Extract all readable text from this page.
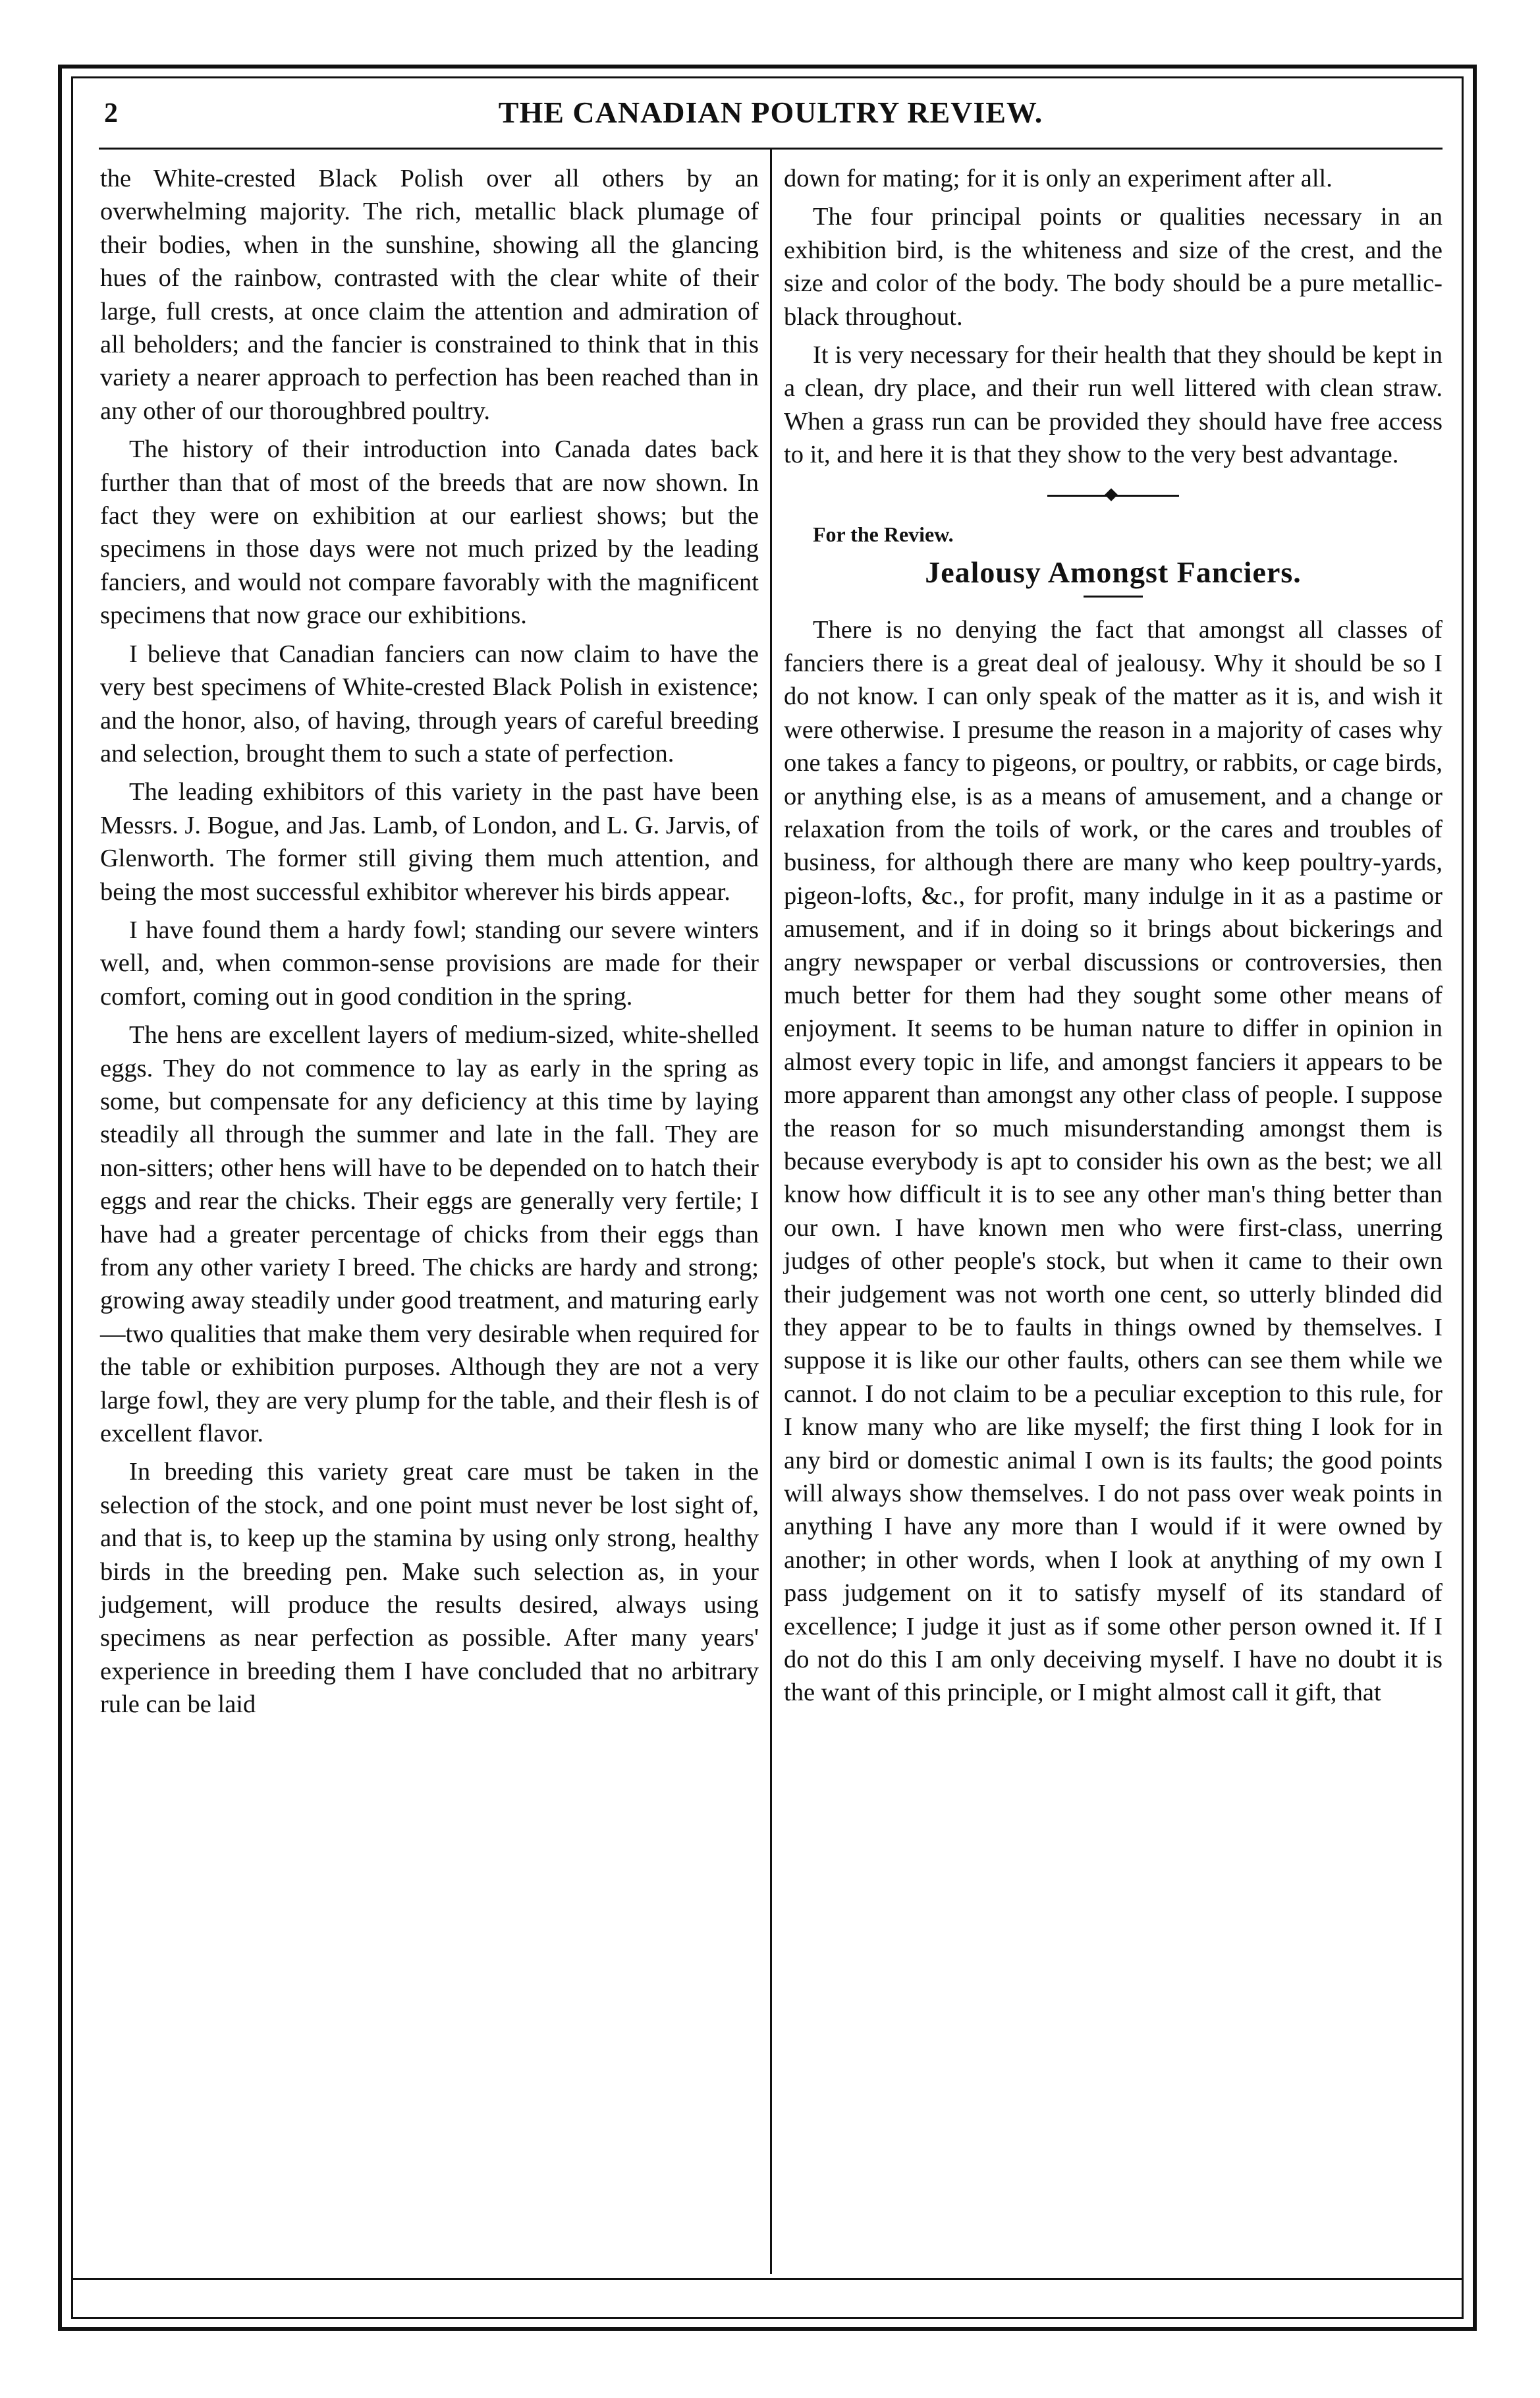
2	THE CANADIAN POULTRY REVIEW.

the White-crested Black Polish over all others by an overwhelming majority. The rich, metallic black plumage of their bodies, when in the sunshine, showing all the glancing hues of the rainbow, contrasted with the clear white of their large, full crests, at once claim the attention and admiration of all beholders; and the fancier is constrained to think that in this variety a nearer approach to perfection has been reached than in any other of our thoroughbred poultry.

The history of their introduction into Canada dates back further than that of most of the breeds that are now shown. In fact they were on exhibition at our earliest shows; but the specimens in those days were not much prized by the leading fanciers, and would not compare favorably with the magnificent specimens that now grace our exhibitions.

I believe that Canadian fanciers can now claim to have the very best specimens of White-crested Black Polish in existence; and the honor, also, of having, through years of careful breeding and selection, brought them to such a state of perfection.

The leading exhibitors of this variety in the past have been Messrs. J. Bogue, and Jas. Lamb, of London, and L. G. Jarvis, of Glenworth. The former still giving them much attention, and being the most successful exhibitor wherever his birds appear.

I have found them a hardy fowl; standing our severe winters well, and, when common-sense provisions are made for their comfort, coming out in good condition in the spring.

The hens are excellent layers of medium-sized, white-shelled eggs. They do not commence to lay as early in the spring as some, but compensate for any deficiency at this time by laying steadily all through the summer and late in the fall. They are non-sitters; other hens will have to be depended on to hatch their eggs and rear the chicks. Their eggs are generally very fertile; I have had a greater percentage of chicks from their eggs than from any other variety I breed. The chicks are hardy and strong; growing away steadily under good treatment, and maturing early—two qualities that make them very desirable when required for the table or exhibition purposes. Although they are not a very large fowl, they are very plump for the table, and their flesh is of excellent flavor.

In breeding this variety great care must be taken in the selection of the stock, and one point must never be lost sight of, and that is, to keep up the stamina by using only strong, healthy birds in the breeding pen. Make such selection as, in your judgement, will produce the results desired, always using specimens as near perfection as possible. After many years' experience in breeding them I have concluded that no arbitrary rule can be laid

down for mating; for it is only an experiment after all.

The four principal points or qualities necessary in an exhibition bird, is the whiteness and size of the crest, and the size and color of the body. The body should be a pure metallic-black throughout.

It is very necessary for their health that they should be kept in a clean, dry place, and their run well littered with clean straw. When a grass run can be provided they should have free access to it, and here it is that they show to the very best advantage.

For the Review.

Jealousy Amongst Fanciers.

There is no denying the fact that amongst all classes of fanciers there is a great deal of jealousy. Why it should be so I do not know. I can only speak of the matter as it is, and wish it were otherwise. I presume the reason in a majority of cases why one takes a fancy to pigeons, or poultry, or rabbits, or cage birds, or anything else, is as a means of amusement, and a change or relaxation from the toils of work, or the cares and troubles of business, for although there are many who keep poultry-yards, pigeon-lofts, &c., for profit, many indulge in it as a pastime or amusement, and if in doing so it brings about bickerings and angry newspaper or verbal discussions or controversies, then much better for them had they sought some other means of enjoyment. It seems to be human nature to differ in opinion in almost every topic in life, and amongst fanciers it appears to be more apparent than amongst any other class of people. I suppose the reason for so much misunderstanding amongst them is because everybody is apt to consider his own as the best; we all know how difficult it is to see any other man's thing better than our own. I have known men who were first-class, unerring judges of other people's stock, but when it came to their own their judgement was not worth one cent, so utterly blinded did they appear to be to faults in things owned by themselves. I suppose it is like our other faults, others can see them while we cannot. I do not claim to be a peculiar exception to this rule, for I know many who are like myself; the first thing I look for in any bird or domestic animal I own is its faults; the good points will always show themselves. I do not pass over weak points in anything I have any more than I would if it were owned by another; in other words, when I look at anything of my own I pass judgement on it to satisfy myself of its standard of excellence; I judge it just as if some other person owned it. If I do not do this I am only deceiving myself. I have no doubt it is the want of this principle, or I might almost call it gift, that
